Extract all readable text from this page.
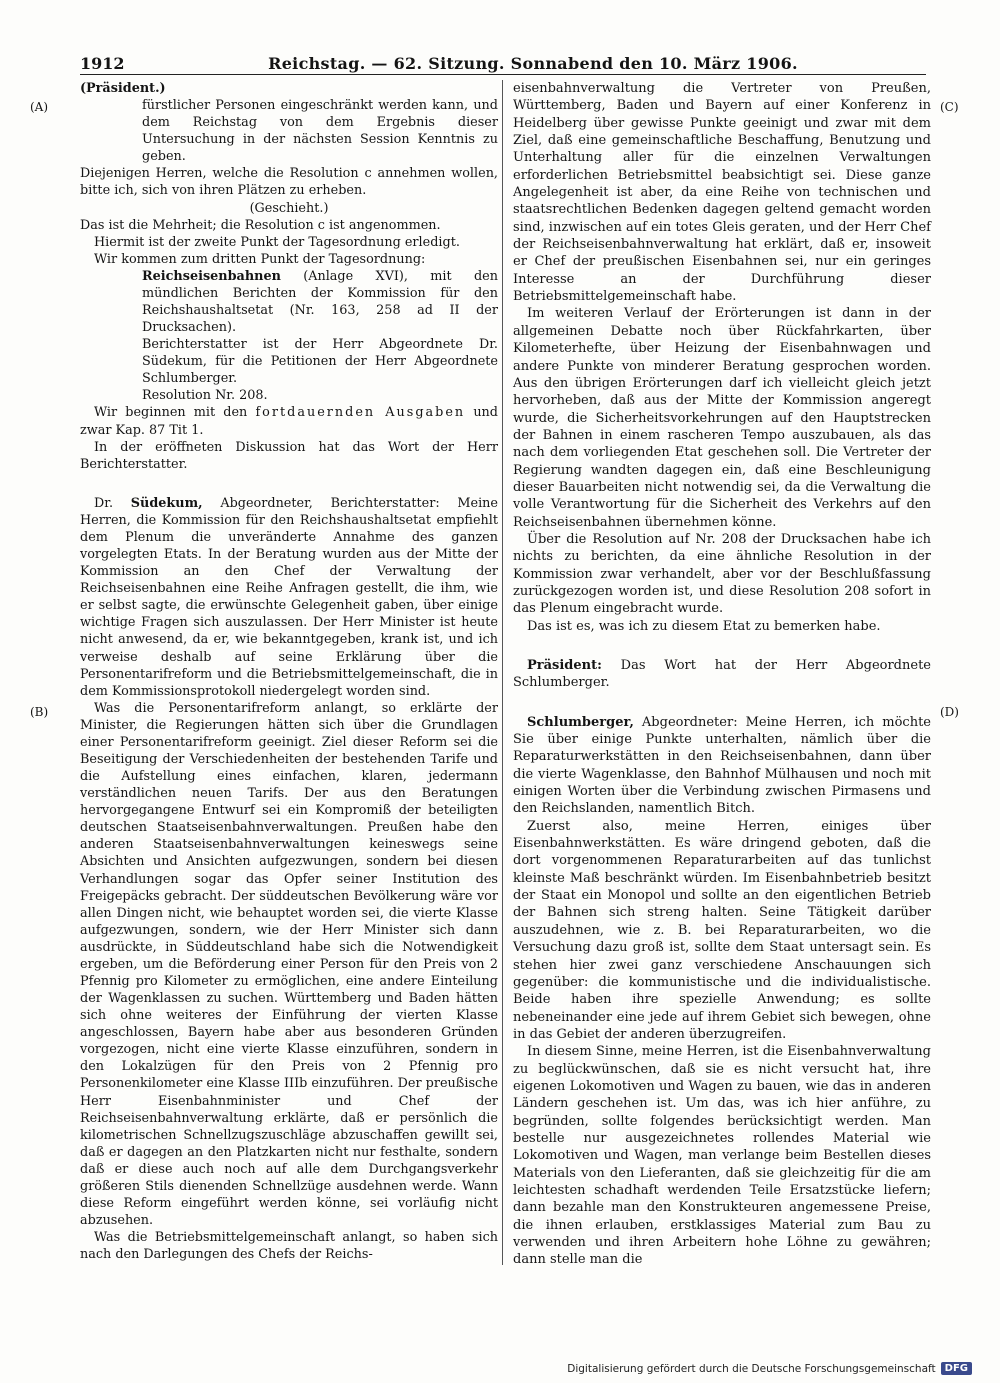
1912	Reichstag. — 62. Sitzung. Sonnabend den 10. März 1906.
(A)
(B)
(C)
(D)

(Präsident.)

fürstlicher Personen eingeschränkt werden kann, und dem Reichstag von dem Ergebnis dieser Untersuchung in der nächsten Session Kenntnis zu geben.

Diejenigen Herren, welche die Resolution c annehmen wollen, bitte ich, sich von ihren Plätzen zu erheben.

(Geschieht.)

Das ist die Mehrheit; die Resolution c ist angenommen.

Hiermit ist der zweite Punkt der Tagesordnung erledigt.

Wir kommen zum dritten Punkt der Tagesordnung:

Reichseisenbahnen (Anlage XVI), mit den mündlichen Berichten der Kommission für den Reichshaushaltsetat (Nr. 163, 258 ad II der Drucksachen).

Berichterstatter ist der Herr Abgeordnete Dr. Südekum, für die Petitionen der Herr Abgeordnete Schlumberger.

Resolution Nr. 208.

Wir beginnen mit den fortdauernden Ausgaben und zwar Kap. 87 Tit 1.

In der eröffneten Diskussion hat das Wort der Herr Berichterstatter.

Dr. Südekum, Abgeordneter, Berichterstatter: Meine Herren, die Kommission für den Reichshaushaltsetat empfiehlt dem Plenum die unveränderte Annahme des ganzen vorgelegten Etats. In der Beratung wurden aus der Mitte der Kommission an den Chef der Verwaltung der Reichseisenbahnen eine Reihe Anfragen gestellt, die ihm, wie er selbst sagte, die erwünschte Gelegenheit gaben, über einige wichtige Fragen sich auszulassen. Der Herr Minister ist heute nicht anwesend, da er, wie bekanntgegeben, krank ist, und ich verweise deshalb auf seine Erklärung über die Personentarifreform und die Betriebsmittelgemeinschaft, die in dem Kommissionsprotokoll niedergelegt worden sind.

Was die Personentarifreform anlangt, so erklärte der Minister, die Regierungen hätten sich über die Grundlagen einer Personentarifreform geeinigt. Ziel dieser Reform sei die Beseitigung der Verschiedenheiten der bestehenden Tarife und die Aufstellung eines einfachen, klaren, jedermann verständlichen neuen Tarifs. Der aus den Beratungen hervorgegangene Entwurf sei ein Kompromiß der beteiligten deutschen Staatseisenbahnverwaltungen. Preußen habe den anderen Staatseisenbahnverwaltungen keineswegs seine Absichten und Ansichten aufgezwungen, sondern bei diesen Verhandlungen sogar das Opfer seiner Institution des Freigepäcks gebracht. Der süddeutschen Bevölkerung wäre vor allen Dingen nicht, wie behauptet worden sei, die vierte Klasse aufgezwungen, sondern, wie der Herr Minister sich dann ausdrückte, in Süddeutschland habe sich die Notwendigkeit ergeben, um die Beförderung einer Person für den Preis von 2 Pfennig pro Kilometer zu ermöglichen, eine andere Einteilung der Wagenklassen zu suchen. Württemberg und Baden hätten sich ohne weiteres der Einführung der vierten Klasse angeschlossen, Bayern habe aber aus besonderen Gründen vorgezogen, nicht eine vierte Klasse einzuführen, sondern in den Lokalzügen für den Preis von 2 Pfennig pro Personenkilometer eine Klasse IIIb einzuführen. Der preußische Herr Eisenbahnminister und Chef der Reichseisenbahnverwaltung erklärte, daß er persönlich die kilometrischen Schnellzugszuschläge abzuschaffen gewillt sei, daß er dagegen an den Platzkarten nicht nur festhalte, sondern daß er diese auch noch auf alle dem Durchgangsverkehr größeren Stils dienenden Schnellzüge ausdehnen werde. Wann diese Reform eingeführt werden könne, sei vorläufig nicht abzusehen.

Was die Betriebsmittelgemeinschaft anlangt, so haben sich nach den Darlegungen des Chefs der Reichs-

eisenbahnverwaltung die Vertreter von Preußen, Württemberg, Baden und Bayern auf einer Konferenz in Heidelberg über gewisse Punkte geeinigt und zwar mit dem Ziel, daß eine gemeinschaftliche Beschaffung, Benutzung und Unterhaltung aller für die einzelnen Verwaltungen erforderlichen Betriebsmittel beabsichtigt sei. Diese ganze Angelegenheit ist aber, da eine Reihe von technischen und staatsrechtlichen Bedenken dagegen geltend gemacht worden sind, inzwischen auf ein totes Gleis geraten, und der Herr Chef der Reichseisenbahnverwaltung hat erklärt, daß er, insoweit er Chef der preußischen Eisenbahnen sei, nur ein geringes Interesse an der Durchführung dieser Betriebsmittelgemeinschaft habe.

Im weiteren Verlauf der Erörterungen ist dann in der allgemeinen Debatte noch über Rückfahrkarten, über Kilometerhefte, über Heizung der Eisenbahnwagen und andere Punkte von minderer Beratung gesprochen worden. Aus den übrigen Erörterungen darf ich vielleicht gleich jetzt hervorheben, daß aus der Mitte der Kommission angeregt wurde, die Sicherheitsvorkehrungen auf den Hauptstrecken der Bahnen in einem rascheren Tempo auszubauen, als das nach dem vorliegenden Etat geschehen soll. Die Vertreter der Regierung wandten dagegen ein, daß eine Beschleunigung dieser Bauarbeiten nicht notwendig sei, da die Verwaltung die volle Verantwortung für die Sicherheit des Verkehrs auf den Reichseisenbahnen übernehmen könne.

Über die Resolution auf Nr. 208 der Drucksachen habe ich nichts zu berichten, da eine ähnliche Resolution in der Kommission zwar verhandelt, aber vor der Beschlußfassung zurückgezogen worden ist, und diese Resolution 208 sofort in das Plenum eingebracht wurde.

Das ist es, was ich zu diesem Etat zu bemerken habe.

Präsident: Das Wort hat der Herr Abgeordnete Schlumberger.

Schlumberger, Abgeordneter: Meine Herren, ich möchte Sie über einige Punkte unterhalten, nämlich über die Reparaturwerkstätten in den Reichseisenbahnen, dann über die vierte Wagenklasse, den Bahnhof Mülhausen und noch mit einigen Worten über die Verbindung zwischen Pirmasens und den Reichslanden, namentlich Bitch.

Zuerst also, meine Herren, einiges über Eisenbahnwerkstätten. Es wäre dringend geboten, daß die dort vorgenommenen Reparaturarbeiten auf das tunlichst kleinste Maß beschränkt würden. Im Eisenbahnbetrieb besitzt der Staat ein Monopol und sollte an den eigentlichen Betrieb der Bahnen sich streng halten. Seine Tätigkeit darüber auszudehnen, wie z. B. bei Reparaturarbeiten, wo die Versuchung dazu groß ist, sollte dem Staat untersagt sein. Es stehen hier zwei ganz verschiedene Anschauungen sich gegenüber: die kommunistische und die individualistische. Beide haben ihre spezielle Anwendung; es sollte nebeneinander eine jede auf ihrem Gebiet sich bewegen, ohne in das Gebiet der anderen überzugreifen.

In diesem Sinne, meine Herren, ist die Eisenbahnverwaltung zu beglückwünschen, daß sie es nicht versucht hat, ihre eigenen Lokomotiven und Wagen zu bauen, wie das in anderen Ländern geschehen ist. Um das, was ich hier anführe, zu begründen, sollte folgendes berücksichtigt werden. Man bestelle nur ausgezeichnetes rollendes Material wie Lokomotiven und Wagen, man verlange beim Bestellen dieses Materials von den Lieferanten, daß sie gleichzeitig für die am leichtesten schadhaft werdenden Teile Ersatzstücke liefern; dann bezahle man den Konstrukteuren angemessene Preise, die ihnen erlauben, erstklassiges Material zum Bau zu verwenden und ihren Arbeitern hohe Löhne zu gewähren; dann stelle man die

Digitalisierung gefördert durch die Deutsche Forschungsgemeinschaft DFG
